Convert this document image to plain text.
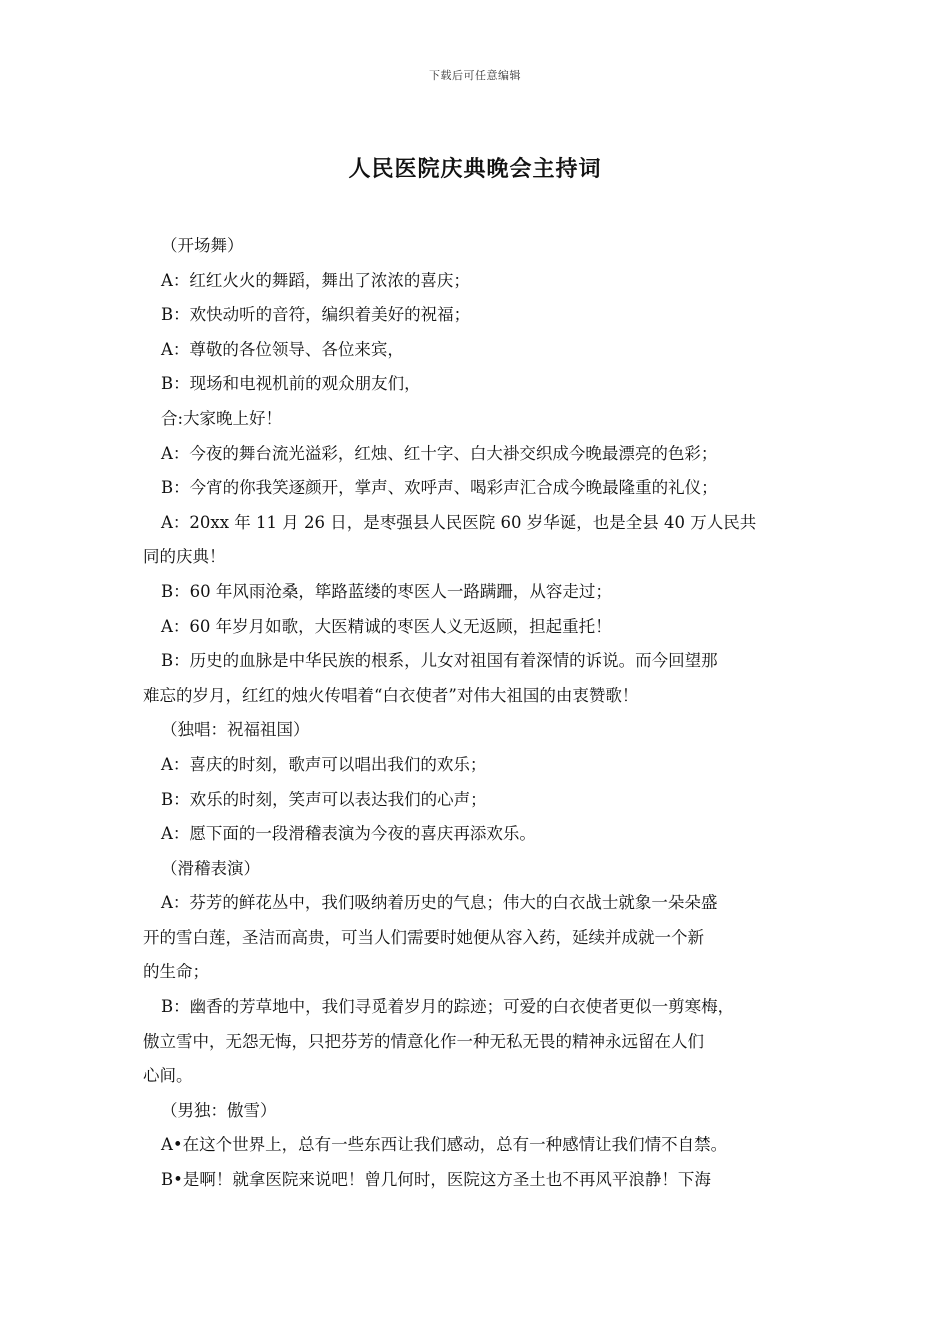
下载后可任意编辑
人民医院庆典晚会主持词
（开场舞）
A：红红火火的舞蹈，舞出了浓浓的喜庆；
B：欢快动听的音符，编织着美好的祝福；
A：尊敬的各位领导、各位来宾，
B：现场和电视机前的观众朋友们，
合:大家晚上好！
A：今夜的舞台流光溢彩，红烛、红十字、白大褂交织成今晚最漂亮的色彩；
B：今宵的你我笑逐颜开，掌声、欢呼声、喝彩声汇合成今晚最隆重的礼仪；
A：20xx 年 11 月 26 日，是枣强县人民医院 60 岁华诞，也是全县 40 万人民共
同的庆典！
B：60 年风雨沧桑，筚路蓝缕的枣医人一路蹒跚，从容走过；
A：60 年岁月如歌，大医精诚的枣医人义无返顾，担起重托！
B：历史的血脉是中华民族的根系，儿女对祖国有着深情的诉说。而今回望那
难忘的岁月，红红的烛火传唱着“白衣使者”对伟大祖国的由衷赞歌！
（独唱：祝福祖国）
A：喜庆的时刻，歌声可以唱出我们的欢乐；
B：欢乐的时刻，笑声可以表达我们的心声；
A：愿下面的一段滑稽表演为今夜的喜庆再添欢乐。
（滑稽表演）
A：芬芳的鲜花丛中，我们吸纳着历史的气息；伟大的白衣战士就象一朵朵盛
开的雪白莲，圣洁而高贵，可当人们需要时她便从容入药，延续并成就一个新
的生命；
B：幽香的芳草地中，我们寻觅着岁月的踪迹；可爱的白衣使者更似一剪寒梅，
傲立雪中，无怨无悔，只把芬芳的情意化作一种无私无畏的精神永远留在人们
心间。
（男独：傲雪）
A•在这个世界上，总有一些东西让我们感动，总有一种感情让我们情不自禁。
B•是啊！就拿医院来说吧！曾几何时，医院这方圣土也不再风平浪静！下海
